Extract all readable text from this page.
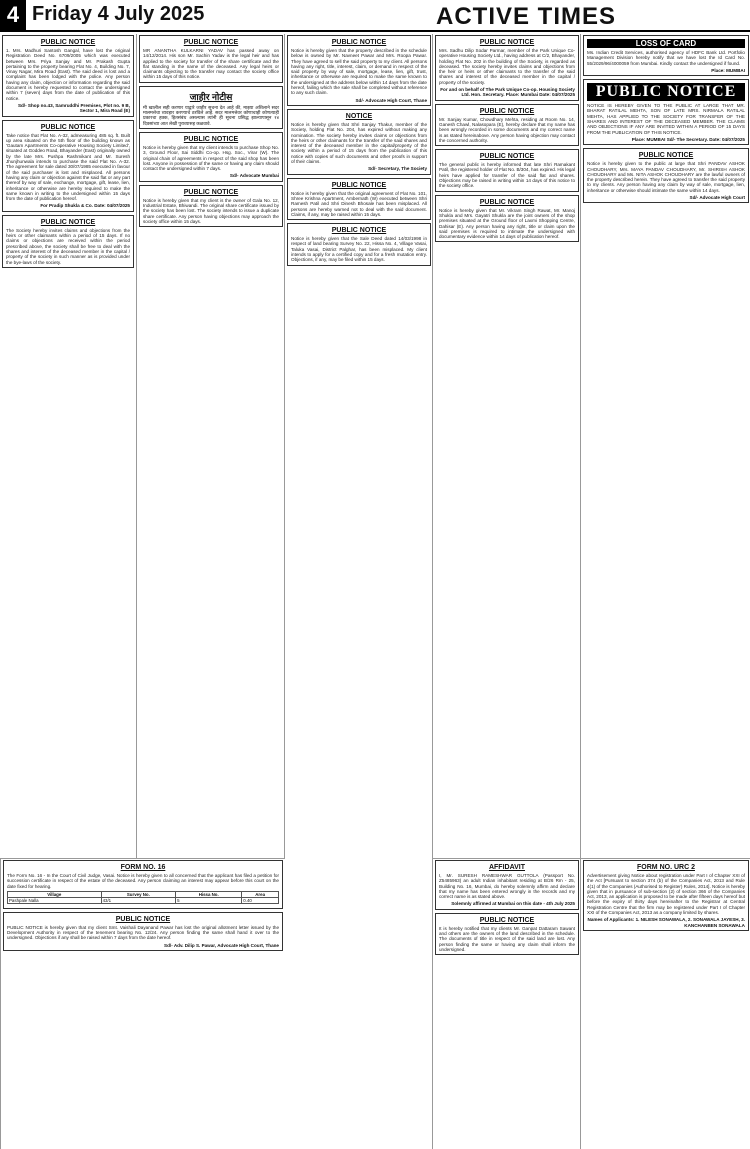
4 Friday 4 July 2025	ACTIVE TIMES
PUBLIC NOTICE
1. Mrs. Madhuri Santosh Gangal, have lost the original Registration Deed No. 6709/2005 which was executed between Mrs. Priya Sanjay and Mr. Prakash Gupta pertaining to the property bearing Flat No. 4, Building No. 7, Vinay Nagar, Mira Road (East). The said deed is lost and a complaint has been lodged with the police. Any person having any claim, objection or information regarding the said document is hereby requested to contact the undersigned within 7 (seven) days from the date of publication of this notice.
Sd/- Shop no.43, Samruddhi Premises, Plot no. 9 B, Sector 1, Mira Road (E)
PUBLIC NOTICE
Take notice that Flat No. A-32, admeasuring 485 sq. ft. Built up area situated on the 5th floor of the building known as 'Gautam Apartments Co-operative Housing Society Limited', situated at Goddeo Road, Bhayander (East) originally owned by the late Mrs. Pushpa Rashmikant and Mr. Suresh Jhunjhunwala intends to purchase the said Flat No. A-32. The agreement for sale dated 30/07/1985 executed in favour of the said purchaser is lost and misplaced. All persons having any claim or objection against the said flat or any part thereof by way of sale, exchange, mortgage, gift, lease, lien, inheritance or otherwise are hereby required to make the same known in writing to the undersigned within 15 days from the date of publication hereof.
For Pradip Shukla & Co. Date: 04/07/2025
PUBLIC NOTICE
The Society hereby invites claims and objections from the heirs or other claimants within a period of 15 days. If no claims or objections are received within the period prescribed above, the society shall be free to deal with the shares and interest of the deceased member in the capital / property of the society in such manner as is provided under the bye-laws of the society.
PUBLIC NOTICE
MR ANANTHA KULKARNI YADAV has passed away on 14/12/2014. His son Mr. Sachin Yadav is the legal heir and has applied to the society for transfer of the share certificate and the flat standing in the name of the deceased. Any legal heirs or claimants objecting to the transfer may contact the society office within 15 days of this notice.
जाहीर नोटीस
मी खालील सही करणार याद्वारे जाहीर सूचना देत आहे की, माझ्या अशिलाने सदर मालमत्तेचा व्यवहार करण्याचे ठरविले आहे. सदर मालमत्तेवर कोणाचाही कोणत्याही प्रकारचा हक्क, हितसंबंध असल्यास त्यांनी ही सूचना प्रसिद्ध झाल्यापासून १४ दिवसांच्या आत लेखी पुराव्यासह कळवावे.
PUBLIC NOTICE
Notice is hereby given that my client intends to purchase Shop No. 3, Ground Floor, Sai Siddhi Co-op. Hsg. Soc., Virar (W). The original chain of agreements in respect of the said shop has been lost. Anyone in possession of the same or having any claim should contact the undersigned within 7 days.
Sd/- Advocate Mumbai
PUBLIC NOTICE
Notice is hereby given that my client is the owner of Gala No. 12, Industrial Estate, Bhiwandi. The original share certificate issued by the society has been lost. The society intends to issue a duplicate share certificate. Any person having objections may approach the society office within 15 days.
PUBLIC NOTICE
Notice is hereby given that the property described in the schedule below is owned by Mr. Navneet Pawar and Mrs. Roopa Pawar. They have agreed to sell the said property to my client. All persons having any right, title, interest, claim, or demand in respect of the said property by way of sale, mortgage, lease, lien, gift, trust, inheritance or otherwise are required to make the same known to the undersigned at the address below within 14 days from the date hereof, failing which the sale shall be completed without reference to any such claim.
Sd/- Advocate High Court, Thane
NOTICE
Notice is hereby given that Shri Sanjay Thakur, member of the Society, holding Flat No. 204, has expired without making any nomination. The society hereby invites claims or objections from the heirs or other claimants for the transfer of the said shares and interest of the deceased member in the capital/property of the society within a period of 15 days from the publication of this notice with copies of such documents and other proofs in support of their claims.
Sd/- Secretary, The Society
PUBLIC NOTICE
Notice is hereby given that the original agreement of Flat No. 101, Shree Krishna Apartment, Ambernath (W) executed between Shri Ramesh Patil and Shri Dinesh Bhosale has been misplaced. All persons are hereby warned not to deal with the said document. Claims, if any, may be raised within 15 days.
PUBLIC NOTICE
Notice is hereby given that the Sale Deed dated 14/03/1998 in respect of land bearing Survey No. 22, Hissa No. 4, Village Vasai, Taluka Vasai, District Palghar, has been misplaced. My client intends to apply for a certified copy and for a fresh mutation entry. Objections, if any, may be filed within 15 days.
PUBLIC NOTICE
Mrs. Sadhu Dilip Sodar Parmar, member of the Park Unique Co-operative Housing Society Ltd., having address at C/2, Bhayander, holding Flat No. 202 in the building of the Society, is regarded as deceased. The society hereby invites claims and objections from the heir or heirs or other claimants to the transfer of the said shares and interest of the deceased member in the capital / property of the society.
For and on behalf of The Park Unique Co-op. Housing Society Ltd. Hon. Secretary. Place: Mumbai Date: 04/07/2025
PUBLIC NOTICE
Mr. Sanjay Kumar, Chowdhary Mehta, residing at Room No. 14, Ganesh Chawl, Nalasopara (E), hereby declare that my name has been wrongly recorded in some documents and my correct name is as stated hereinabove. Any person having objection may contact the concerned authority.
PUBLIC NOTICE
The general public is hereby informed that late Shri Ramakant Patil, the registered holder of Flat No. B/304, has expired. His legal heirs have applied for transfer of the said flat and shares. Objections may be raised in writing within 14 days of this notice to the society office.
PUBLIC NOTICE
Notice is hereby given that Mr. Vikram Singh Rawat, Mr. Manoj Shukla and Mrs. Gayatri Shukla are the joint owners of the shop premises situated at the Ground floor of Laxmi Shopping Centre, Dahisar (E). Any person having any right, title or claim upon the said premises is required to intimate the undersigned with documentary evidence within 14 days of publication hereof.
LOSS OF CARD
Ms. Indian Credit Services, authorised agency of HDFC Bank Ltd. Portfolio Management Division hereby notify that we have lost the Id Card No. 55/2029/96/4000059 from Mumbai. Kindly contact the undersigned if found.
Place: MUMBAI
PUBLIC NOTICE
NOTICE IS HEREBY GIVEN TO THE PUBLIC AT LARGE THAT MR. BHARAT RATILAL MEHTA, SON OF LATE MRS. NIRMALA RATILAL MEHTA, HAS APPLIED TO THE SOCIETY FOR TRANSFER OF THE SHARES AND INTEREST OF THE DECEASED MEMBER. THE CLAIMS AND OBJECTIONS IF ANY ARE INVITED WITHIN A PERIOD OF 15 DAYS FROM THE PUBLICATION OF THIS NOTICE.
Place: MUMBAI Sd/- The Secretary. Date: 04/07/2025
PUBLIC NOTICE
Notice is hereby given to the public at large that Shri PANDAV ASHOK CHOUDHARY, Mrs. MAYA PANDAV CHOUDHARY, Mr. SHIRISH ASHOK CHOUDHARY and Ms. NITA ASHOK CHOUDHARY are the lawful owners of the property described herein. They have agreed to transfer the said property to my clients. Any person having any claim by way of sale, mortgage, lien, inheritance or otherwise should intimate the same within 14 days.
Sd/- Advocate High Court
FORM NO. 16
The Form No. 16 - In the Court of Civil Judge, Vasai. Notice is hereby given to all concerned that the applicant has filed a petition for succession certificate in respect of the estate of the deceased. Any person claiming an interest may appear before this court on the date fixed for hearing.
Village	Survey No.	Hissa No.	Area
Pashpale Nalla	43/1	5	0.40
PUBLIC NOTICE
PUBLIC NOTICE is hereby given that my client Smt. Vaishali Dayanand Pawar has lost the original allotment letter issued by the Development Authority in respect of the tenement bearing No. 12/24. Any person finding the same shall hand it over to the undersigned. Objections if any shall be raised within 7 days from the date hereof.
Sd/- Adv. Dilip S. Pawar, Advocate High Court, Thane
AFFIDAVIT
I, Mr. SURESH RAMESHWAR GUTTOLA (Passport No. Z5485963) an adult Indian inhabitant residing at B/26 Rm - 25, Building No. 16, Mumbai, do hereby solemnly affirm and declare that my name has been entered wrongly in the records and my correct name is as stated above.
Solemnly affirmed at Mumbai on this date - 4th July 2025
PUBLIC NOTICE
It is hereby notified that my clients Mr. Ganpat Dattaram Sawant and others are the owners of the land described in the schedule. The documents of title in respect of the said land are lost. Any person finding the same or having any claim shall inform the undersigned.
FORM NO. URC 2
Advertisement giving Notice about registration under Part I of Chapter XXI of the Act [Pursuant to section 374 (b) of the Companies Act, 2013 and Rule 4(1) of the Companies (Authorised to Register) Rules, 2014]. Notice is hereby given that in pursuance of sub-section (2) of section 366 of the Companies Act, 2013, an application is proposed to be made after fifteen days hereof but before the expiry of thirty days hereinafter to the Registrar at Central Registration Centre that the firm may be registered under Part I of Chapter XXI of the Companies Act, 2013 as a company limited by shares.
Names of Applicants: 1. NILESH SONAWALA, 2. SONAWALA JAYESH, 3. KANCHANBEN SONAWALA
